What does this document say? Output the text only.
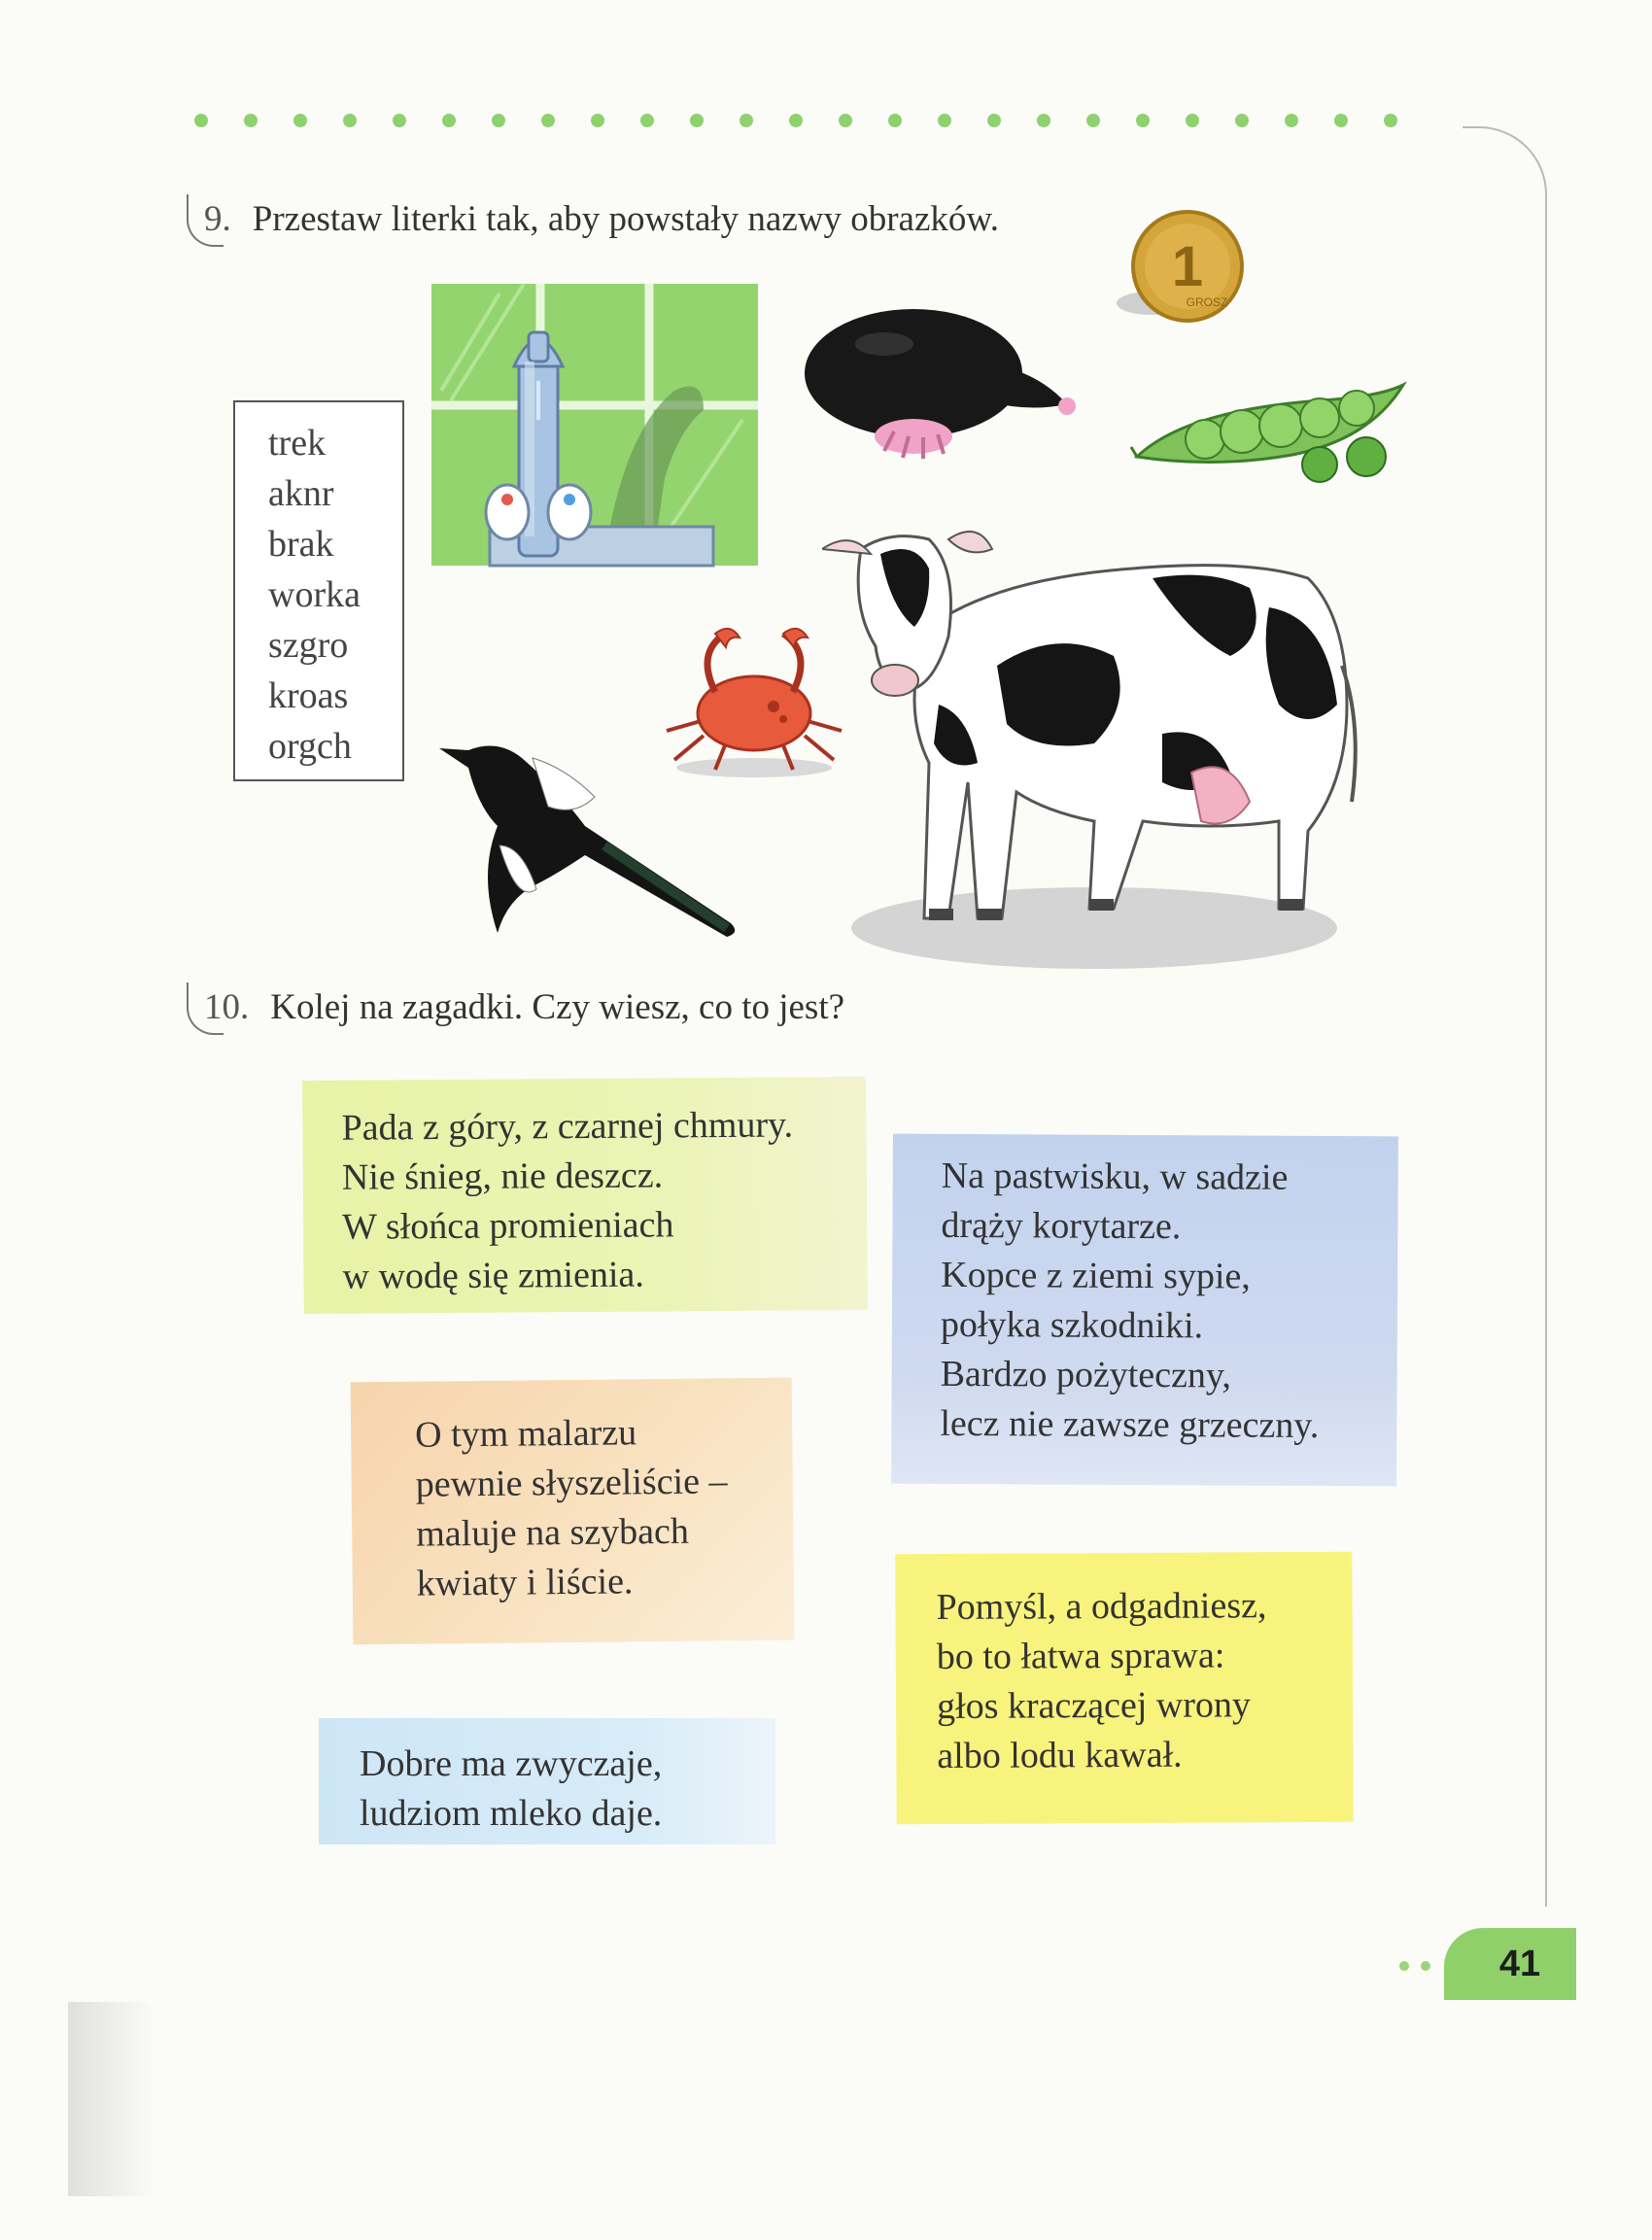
9. Przestaw literki tak, aby powstały nazwy obrazków.
trek
aknr
brak
worka
szgro
kroas
orgch
1
GROSZ
10. Kolej na zagadki. Czy wiesz, co to jest?
Pada z góry, z czarnej chmury.
Nie śnieg, nie deszcz.
W słońca promieniach
w wodę się zmienia.
Na pastwisku, w sadzie
drąży korytarze.
Kopce z ziemi sypie,
połyka szkodniki.
Bardzo pożyteczny,
lecz nie zawsze grzeczny.
O tym malarzu
pewnie słyszeliście –
maluje na szybach
kwiaty i liście.
Pomyśl, a odgadniesz,
bo to łatwa sprawa:
głos kraczącej wrony
albo lodu kawał.
Dobre ma zwyczaje,
ludziom mleko daje.
41
